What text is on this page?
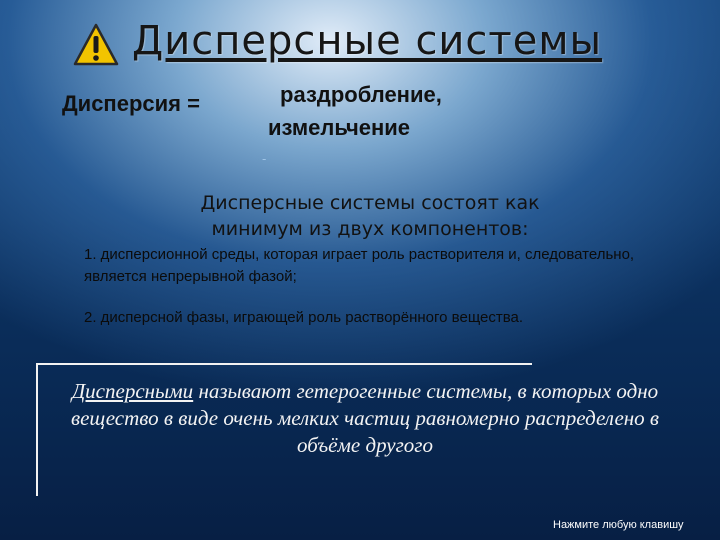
Дисперсные системы
Дисперсия =	раздробление,
измельчение
-
Дисперсные системы состоят как
минимум из двух компонентов:
1. дисперсионной среды, которая играет роль растворителя и, следовательно, является непрерывной фазой;
2. дисперсной фазы, играющей роль растворённого вещества.
Дисперсными называют гетерогенные системы, в которых одно вещество в виде очень мелких частиц равномерно распределено в объёме другого
Нажмите любую клавишу
